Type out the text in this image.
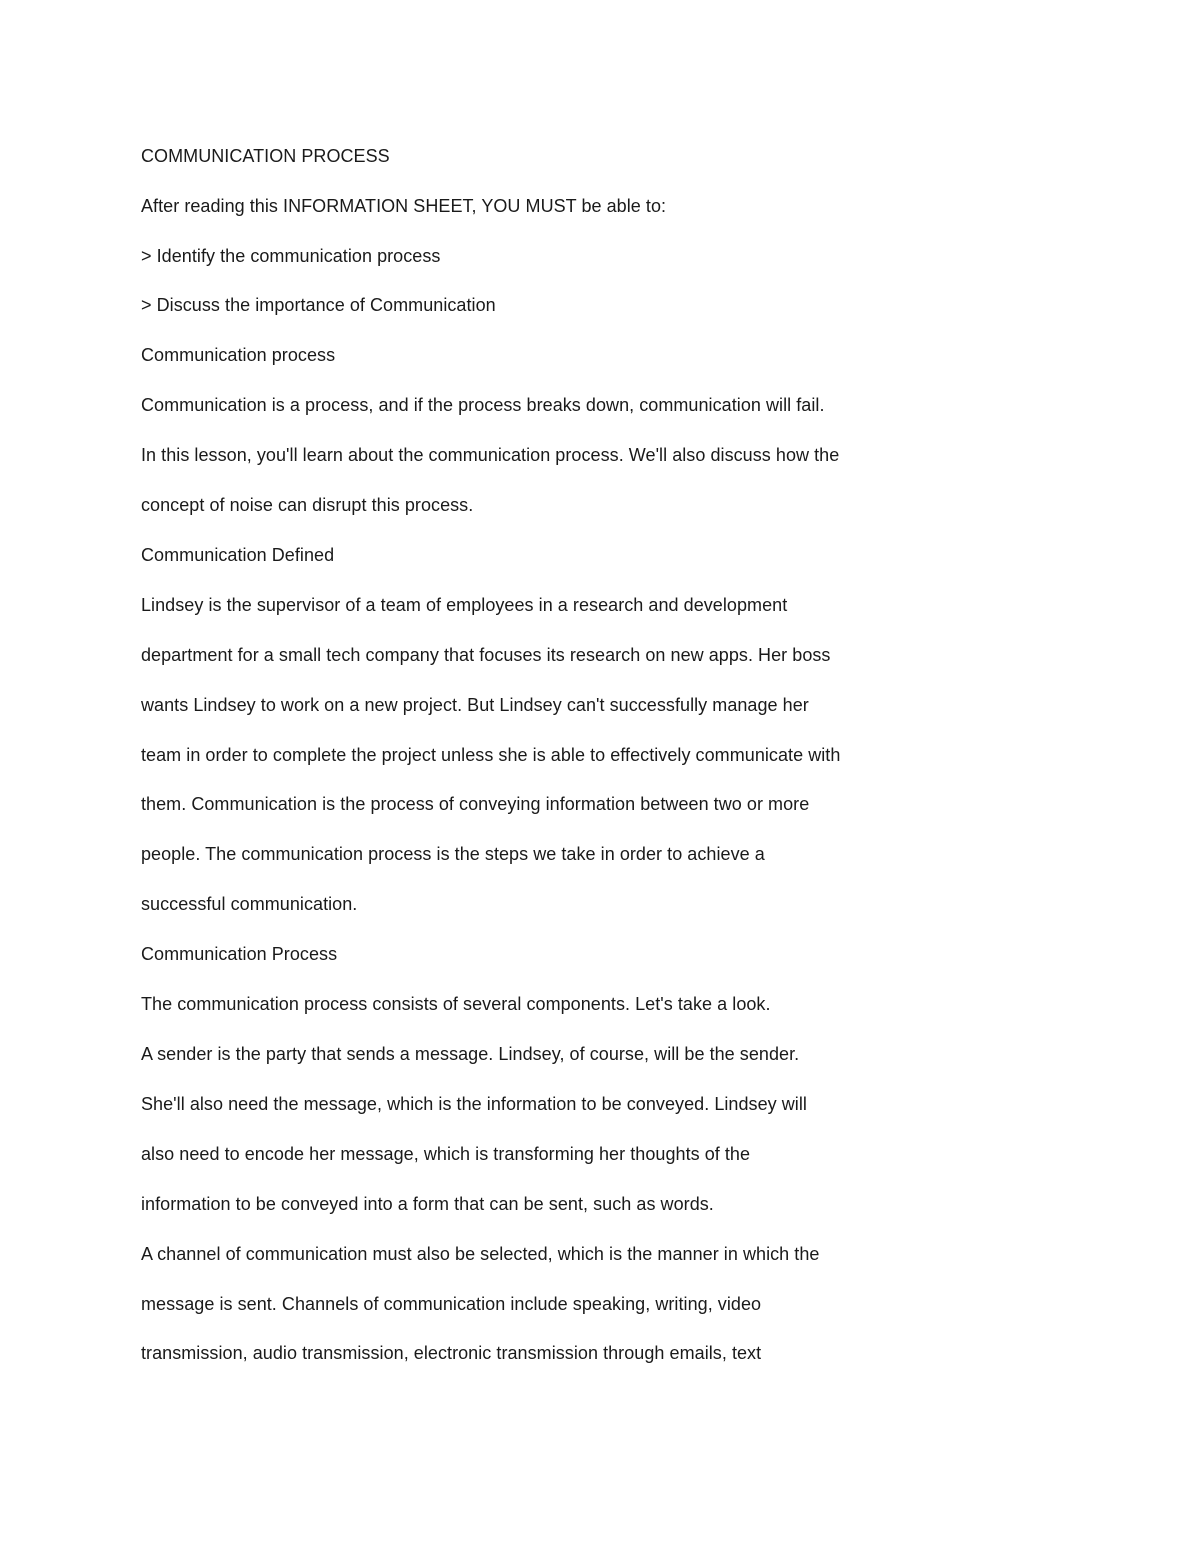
COMMUNICATION PROCESS
After reading this INFORMATION SHEET, YOU MUST be able to:
> Identify the communication process
> Discuss the importance of Communication
Communication process
Communication is a process, and if the process breaks down, communication will fail.
In this lesson, you'll learn about the communication process. We'll also discuss how the
concept of noise can disrupt this process.
Communication Defined
Lindsey is the supervisor of a team of employees in a research and development
department for a small tech company that focuses its research on new apps. Her boss
wants Lindsey to work on a new project. But Lindsey can't successfully manage her
team in order to complete the project unless she is able to effectively communicate with
them. Communication is the process of conveying information between two or more
people. The communication process is the steps we take in order to achieve a
successful communication.
Communication Process
The communication process consists of several components. Let's take a look.
A sender is the party that sends a message. Lindsey, of course, will be the sender.
She'll also need the message, which is the information to be conveyed. Lindsey will
also need to encode her message, which is transforming her thoughts of the
information to be conveyed into a form that can be sent, such as words.
A channel of communication must also be selected, which is the manner in which the
message is sent. Channels of communication include speaking, writing, video
transmission, audio transmission, electronic transmission through emails, text
